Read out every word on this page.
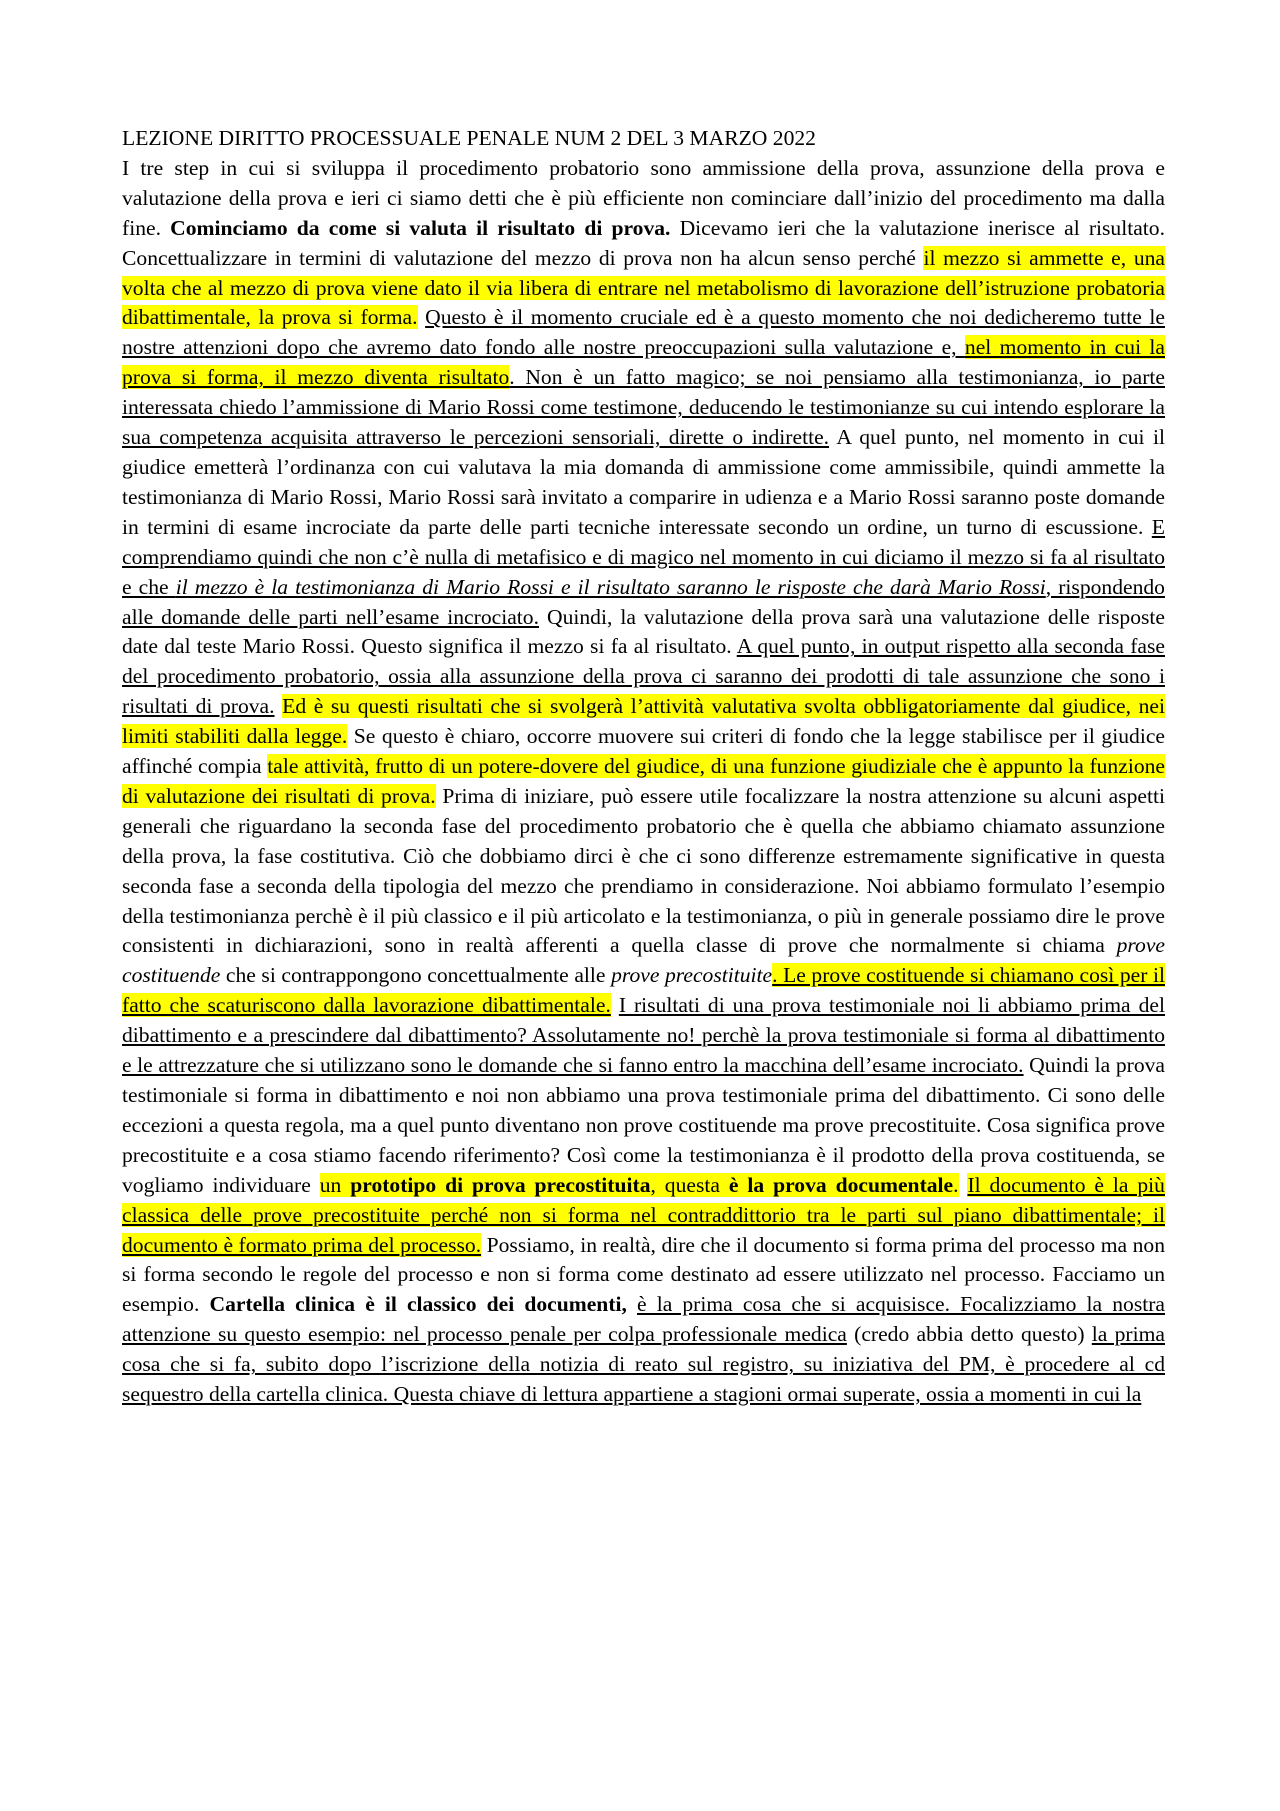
LEZIONE DIRITTO PROCESSUALE PENALE NUM 2 DEL 3 MARZO 2022

I tre step in cui si sviluppa il procedimento probatorio sono ammissione della prova, assunzione della prova e valutazione della prova e ieri ci siamo detti che è più efficiente non cominciare dall’inizio del procedimento ma dalla fine. Cominciamo da come si valuta il risultato di prova. Dicevamo ieri che la valutazione inerisce al risultato. Concettualizzare in termini di valutazione del mezzo di prova non ha alcun senso perché il mezzo si ammette e, una volta che al mezzo di prova viene dato il via libera di entrare nel metabolismo di lavorazione dell’istruzione probatoria dibattimentale, la prova si forma. Questo è il momento cruciale ed è a questo momento che noi dedicheremo tutte le nostre attenzioni dopo che avremo dato fondo alle nostre preoccupazioni sulla valutazione e, nel momento in cui la prova si forma, il mezzo diventa risultato. Non è un fatto magico; se noi pensiamo alla testimonianza, io parte interessata chiedo l’ammissione di Mario Rossi come testimone, deducendo le testimonianze su cui intendo esplorare la sua competenza acquisita attraverso le percezioni sensoriali, dirette o indirette. A quel punto, nel momento in cui il giudice emetterà l’ordinanza con cui valutava la mia domanda di ammissione come ammissibile, quindi ammette la testimonianza di Mario Rossi, Mario Rossi sarà invitato a comparire in udienza e a Mario Rossi saranno poste domande in termini di esame incrociate da parte delle parti tecniche interessate secondo un ordine, un turno di escussione. E comprendiamo quindi che non c’è nulla di metafisico e di magico nel momento in cui diciamo il mezzo si fa al risultato e che il mezzo è la testimonianza di Mario Rossi e il risultato saranno le risposte che darà Mario Rossi, rispondendo alle domande delle parti nell’esame incrociato. Quindi, la valutazione della prova sarà una valutazione delle risposte date dal teste Mario Rossi. Questo significa il mezzo si fa al risultato. A quel punto, in output rispetto alla seconda fase del procedimento probatorio, ossia alla assunzione della prova ci saranno dei prodotti di tale assunzione che sono i risultati di prova. Ed è su questi risultati che si svolgerà l’attività valutativa svolta obbligatoriamente dal giudice, nei limiti stabiliti dalla legge. Se questo è chiaro, occorre muovere sui criteri di fondo che la legge stabilisce per il giudice affinché compia tale attività, frutto di un potere-dovere del giudice, di una funzione giudiziale che è appunto la funzione di valutazione dei risultati di prova. Prima di iniziare, può essere utile focalizzare la nostra attenzione su alcuni aspetti generali che riguardano la seconda fase del procedimento probatorio che è quella che abbiamo chiamato assunzione della prova, la fase costitutiva. Ciò che dobbiamo dirci è che ci sono differenze estremamente significative in questa seconda fase a seconda della tipologia del mezzo che prendiamo in considerazione. Noi abbiamo formulato l’esempio della testimonianza perchè è il più classico e il più articolato e la testimonianza, o più in generale possiamo dire le prove consistenti in dichiarazioni, sono in realtà afferenti a quella classe di prove che normalmente si chiama prove costituende che si contrappongono concettualmente alle prove precostituite. Le prove costituende si chiamano così per il fatto che scaturiscono dalla lavorazione dibattimentale. I risultati di una prova testimoniale noi li abbiamo prima del dibattimento e a prescindere dal dibattimento? Assolutamente no! perchè la prova testimoniale si forma al dibattimento e le attrezzature che si utilizzano sono le domande che si fanno entro la macchina dell’esame incrociato. Quindi la prova testimoniale si forma in dibattimento e noi non abbiamo una prova testimoniale prima del dibattimento. Ci sono delle eccezioni a questa regola, ma a quel punto diventano non prove costituende ma prove precostituite. Cosa significa prove precostituite e a cosa stiamo facendo riferimento? Così come la testimonianza è il prodotto della prova costituenda, se vogliamo individuare un prototipo di prova precostituita, questa è la prova documentale. Il documento è la più classica delle prove precostituite perché non si forma nel contraddittorio tra le parti sul piano dibattimentale; il documento è formato prima del processo. Possiamo, in realtà, dire che il documento si forma prima del processo ma non si forma secondo le regole del processo e non si forma come destinato ad essere utilizzato nel processo. Facciamo un esempio. Cartella clinica è il classico dei documenti, è la prima cosa che si acquisisce. Focalizziamo la nostra attenzione su questo esempio: nel processo penale per colpa professionale medica (credo abbia detto questo) la prima cosa che si fa, subito dopo l’iscrizione della notizia di reato sul registro, su iniziativa del PM, è procedere al cd sequestro della cartella clinica. Questa chiave di lettura appartiene a stagioni ormai superate, ossia a momenti in cui la
